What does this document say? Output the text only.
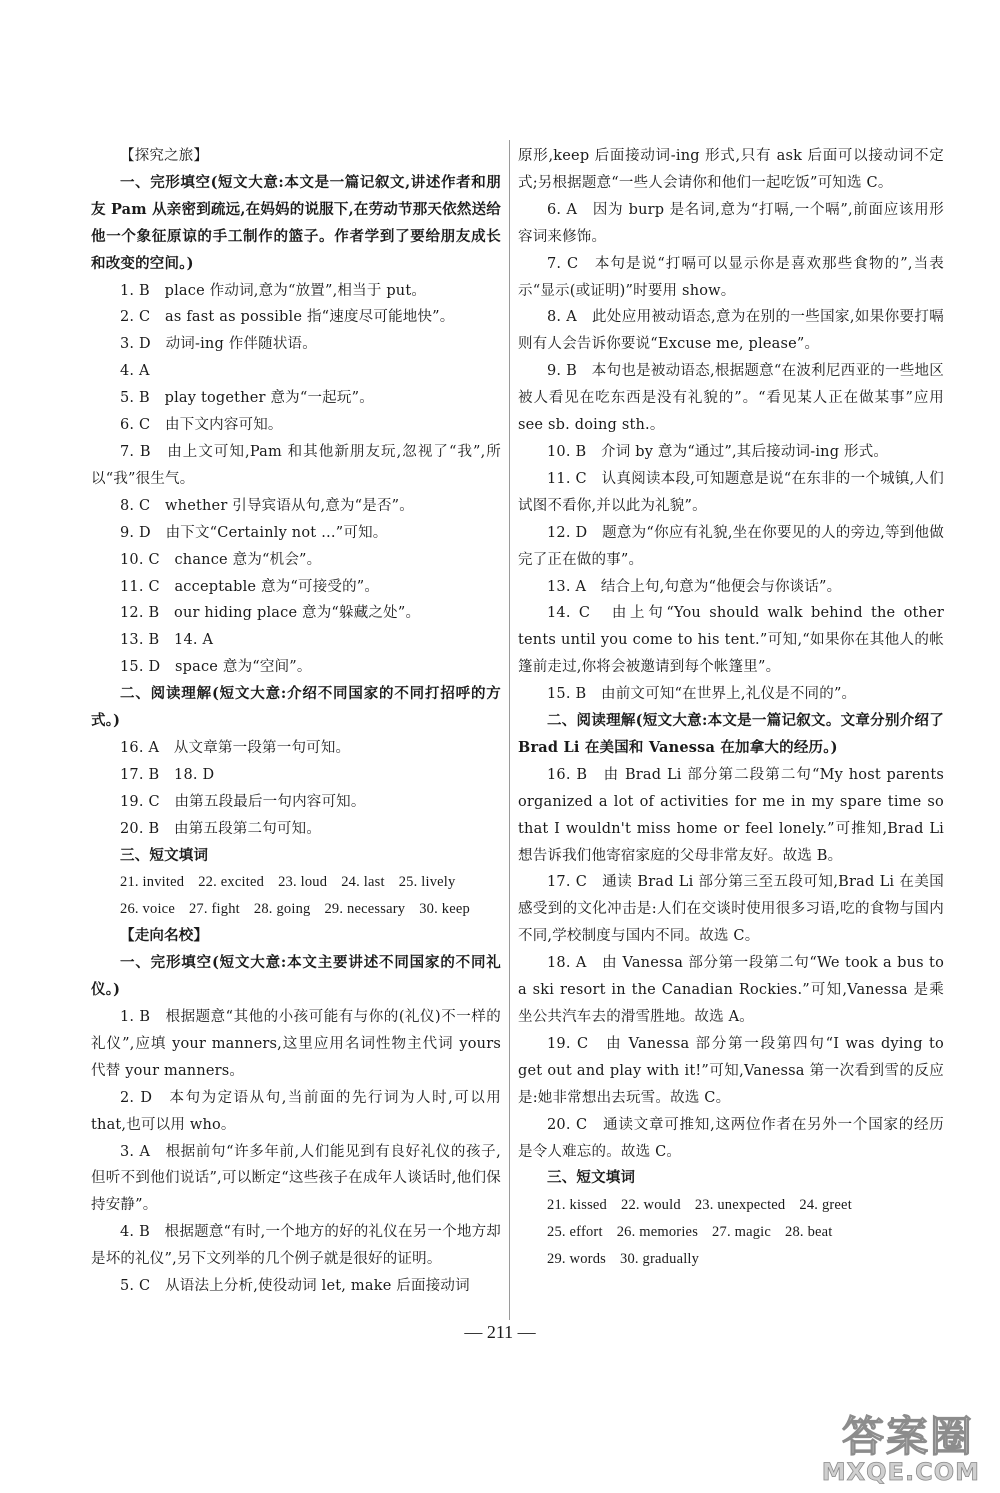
【探究之旅】

一、完形填空(短文大意:本文是一篇记叙文,讲述作者和朋友 Pam 从亲密到疏远,在妈妈的说服下,在劳动节那天依然送给他一个象征原谅的手工制作的篮子。作者学到了要给朋友成长和改变的空间。)

1. B　place 作动词,意为“放置”,相当于 put。

2. C　as fast as possible 指“速度尽可能地快”。

3. D　动词-ing 作伴随状语。

4. A

5. B　play together 意为“一起玩”。

6. C　由下文内容可知。

7. B　由上文可知,Pam 和其他新朋友玩,忽视了“我”,所以“我”很生气。

8. C　whether 引导宾语从句,意为“是否”。

9. D　由下文“Certainly not …”可知。

10. C　chance 意为“机会”。

11. C　acceptable 意为“可接受的”。

12. B　our hiding place 意为“躲藏之处”。

13. B　14. A

15. D　space 意为“空间”。

二、阅读理解(短文大意:介绍不同国家的不同打招呼的方式。)

16. A　从文章第一段第一句可知。

17. B　18. D

19. C　由第五段最后一句内容可知。

20. B　由第五段第二句可知。

三、短文填词

21. invited 22. excited 23. loud 24. last 25. lively
26. voice 27. fight 28. going 29. necessary 30. keep

【走向名校】

一、完形填空(短文大意:本文主要讲述不同国家的不同礼仪。)

1. B　根据题意“其他的小孩可能有与你的(礼仪)不一样的礼仪”,应填 your manners,这里应用名词性物主代词 yours 代替 your manners。

2. D　本句为定语从句,当前面的先行词为人时,可以用 that,也可以用 who。

3. A　根据前句“许多年前,人们能见到有良好礼仪的孩子,但听不到他们说话”,可以断定“这些孩子在成年人谈话时,他们保持安静”。

4. B　根据题意“有时,一个地方的好的礼仪在另一个地方却是坏的礼仪”,另下文列举的几个例子就是很好的证明。

5. C　从语法上分析,使役动词 let, make 后面接动词

原形,keep 后面接动词-ing 形式,只有 ask 后面可以接动词不定式;另根据题意“一些人会请你和他们一起吃饭”可知选 C。

6. A　因为 burp 是名词,意为“打嗝,一个嗝”,前面应该用形容词来修饰。

7. C　本句是说“打嗝可以显示你是喜欢那些食物的”,当表示“显示(或证明)”时要用 show。

8. A　此处应用被动语态,意为在别的一些国家,如果你要打嗝则有人会告诉你要说“Excuse me, please”。

9. B　本句也是被动语态,根据题意“在波利尼西亚的一些地区被人看见在吃东西是没有礼貌的”。“看见某人正在做某事”应用 see sb. doing sth.。

10. B　介词 by 意为“通过”,其后接动词-ing 形式。

11. C　认真阅读本段,可知题意是说“在东非的一个城镇,人们试图不看你,并以此为礼貌”。

12. D　题意为“你应有礼貌,坐在你要见的人的旁边,等到他做完了正在做的事”。

13. A　结合上句,句意为“他便会与你谈话”。

14. C　由上句“You should walk behind the other tents until you come to his tent.”可知,“如果你在其他人的帐篷前走过,你将会被邀请到每个帐篷里”。

15. B　由前文可知“在世界上,礼仪是不同的”。

二、阅读理解(短文大意:本文是一篇记叙文。文章分别介绍了 Brad Li 在美国和 Vanessa 在加拿大的经历。)

16. B　由 Brad Li 部分第二段第二句“My host parents organized a lot of activities for me in my spare time so that I wouldn't miss home or feel lonely.”可推知,Brad Li 想告诉我们他寄宿家庭的父母非常友好。故选 B。

17. C　通读 Brad Li 部分第三至五段可知,Brad Li 在美国感受到的文化冲击是:人们在交谈时使用很多习语,吃的食物与国内不同,学校制度与国内不同。故选 C。

18. A　由 Vanessa 部分第一段第二句“We took a bus to a ski resort in the Canadian Rockies.”可知,Vanessa 是乘坐公共汽车去的滑雪胜地。故选 A。

19. C　由 Vanessa 部分第一段第四句“I was dying to get out and play with it!”可知,Vanessa 第一次看到雪的反应是:她非常想出去玩雪。故选 C。

20. C　通读文章可推知,这两位作者在另外一个国家的经历是令人难忘的。故选 C。

三、短文填词

21. kissed 22. would 23. unexpected 24. greet
25. effort 26. memories 27. magic 28. beat
29. words 30. gradually
— 211 —
答案圈
MXQE.COM
